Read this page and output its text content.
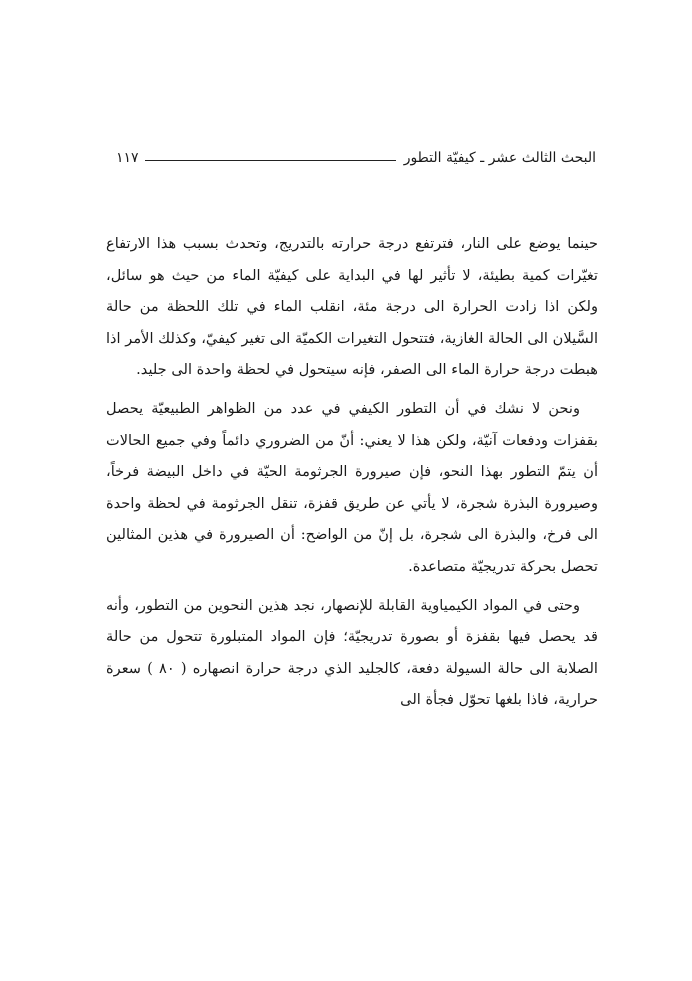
البحث الثالث عشر ـ كيفيّة التطور
١١٧

حينما يوضع على النار، فترتفع درجة حرارته بالتدريج، وتحدث بسبب هذا الارتفاع تغيّرات كمية بطيئة، لا تأثير لها في البداية على كيفيّة الماء من حيث هو سائل، ولكن اذا زادت الحرارة الى درجة مئة، انقلب الماء في تلك اللحظة من حالة السَّيلان الى الحالة الغازية، فتتحول التغيرات الكميّة الى تغير كيفيّ، وكذلك الأمر اذا هبطت درجة حرارة الماء الى الصفر، فإنه سيتحول في لحظة واحدة الى جليد.

ونحن لا نشك في أن التطور الكيفي في عدد من الظواهر الطبيعيّة يحصل بقفزات ودفعات آنيّة، ولكن هذا لا يعني: أنّ من الضروري دائماً وفي جميع الحالات أن يتمّ التطور بهذا النحو، فإن صيرورة الجرثومة الحيّة في داخل البيضة فرخاً، وصيرورة البذرة شجرة، لا يأتي عن طريق قفزة، تنقل الجرثومة في لحظة واحدة الى فرخ، والبذرة الى شجرة، بل إنّ من الواضح: أن الصيرورة في هذين المثالين تحصل بحركة تدريجيّة متصاعدة.

وحتى في المواد الكيمياوية القابلة للإنصهار، نجد هذين النحوين من التطور، وأنه قد يحصل فيها بقفزة أو بصورة تدريجيّة؛ فإن المواد المتبلورة تتحول من حالة الصلابة الى حالة السيولة دفعة، كالجليد الذي درجة حرارة انصهاره ( ٨٠ ) سعرة حرارية، فاذا بلغها تحوّل فجأة الى
